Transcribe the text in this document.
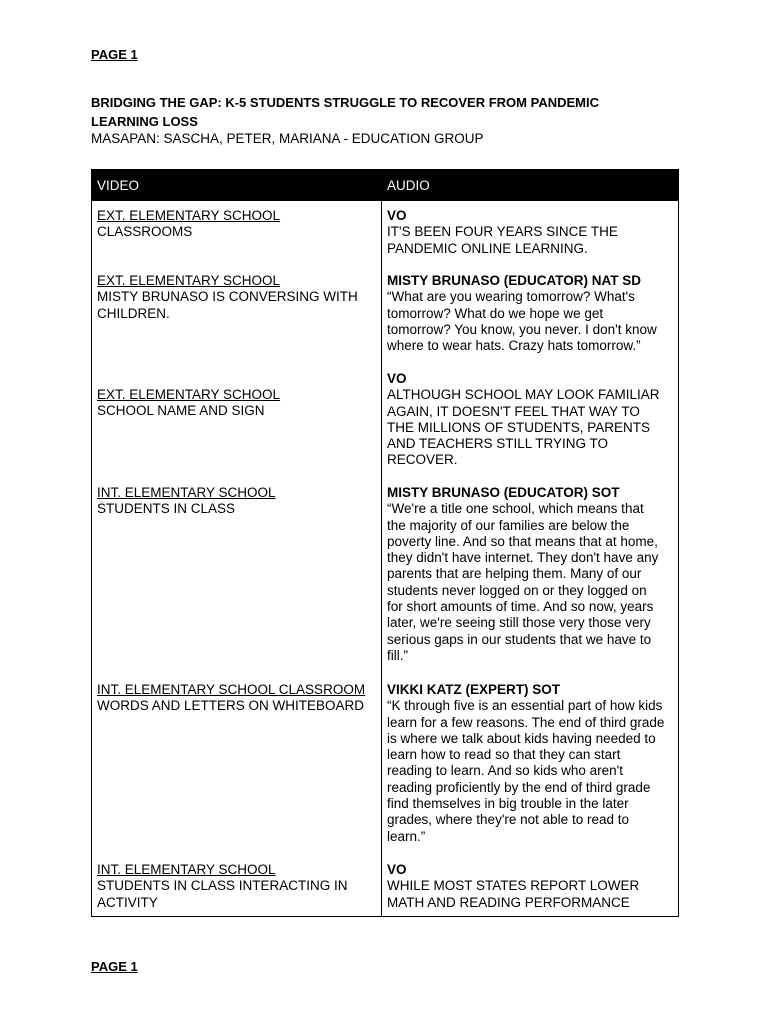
PAGE 1
BRIDGING THE GAP: K-5 STUDENTS STRUGGLE TO RECOVER FROM PANDEMIC
LEARNING LOSS
MASAPAN: SASCHA, PETER, MARIANA - EDUCATION GROUP
VIDEO	AUDIO
EXT. ELEMENTARY SCHOOL
CLASSROOMS
VO
IT'S BEEN FOUR YEARS SINCE THE
PANDEMIC ONLINE LEARNING.
EXT. ELEMENTARY SCHOOL
MISTY BRUNASO IS CONVERSING WITH
CHILDREN.
MISTY BRUNASO (EDUCATOR) NAT SD
“What are you wearing tomorrow? What's
tomorrow? What do we hope we get
tomorrow? You know, you never. I don't know
where to wear hats. Crazy hats tomorrow.”
EXT. ELEMENTARY SCHOOL
SCHOOL NAME AND SIGN
VO
ALTHOUGH SCHOOL MAY LOOK FAMILIAR
AGAIN, IT DOESN'T FEEL THAT WAY TO
THE MILLIONS OF STUDENTS, PARENTS
AND TEACHERS STILL TRYING TO
RECOVER.
INT. ELEMENTARY SCHOOL
STUDENTS IN CLASS
MISTY BRUNASO (EDUCATOR) SOT
“We're a title one school, which means that
the majority of our families are below the
poverty line. And so that means that at home,
they didn't have internet. They don't have any
parents that are helping them. Many of our
students never logged on or they logged on
for short amounts of time. And so now, years
later, we're seeing still those very those very
serious gaps in our students that we have to
fill.”
INT. ELEMENTARY SCHOOL CLASSROOM
WORDS AND LETTERS ON WHITEBOARD
VIKKI KATZ (EXPERT) SOT
“K through five is an essential part of how kids
learn for a few reasons. The end of third grade
is where we talk about kids having needed to
learn how to read so that they can start
reading to learn. And so kids who aren't
reading proficiently by the end of third grade
find themselves in big trouble in the later
grades, where they're not able to read to
learn.”
INT. ELEMENTARY SCHOOL
STUDENTS IN CLASS INTERACTING IN
ACTIVITY
VO
WHILE MOST STATES REPORT LOWER
MATH AND READING PERFORMANCE
PAGE 1
